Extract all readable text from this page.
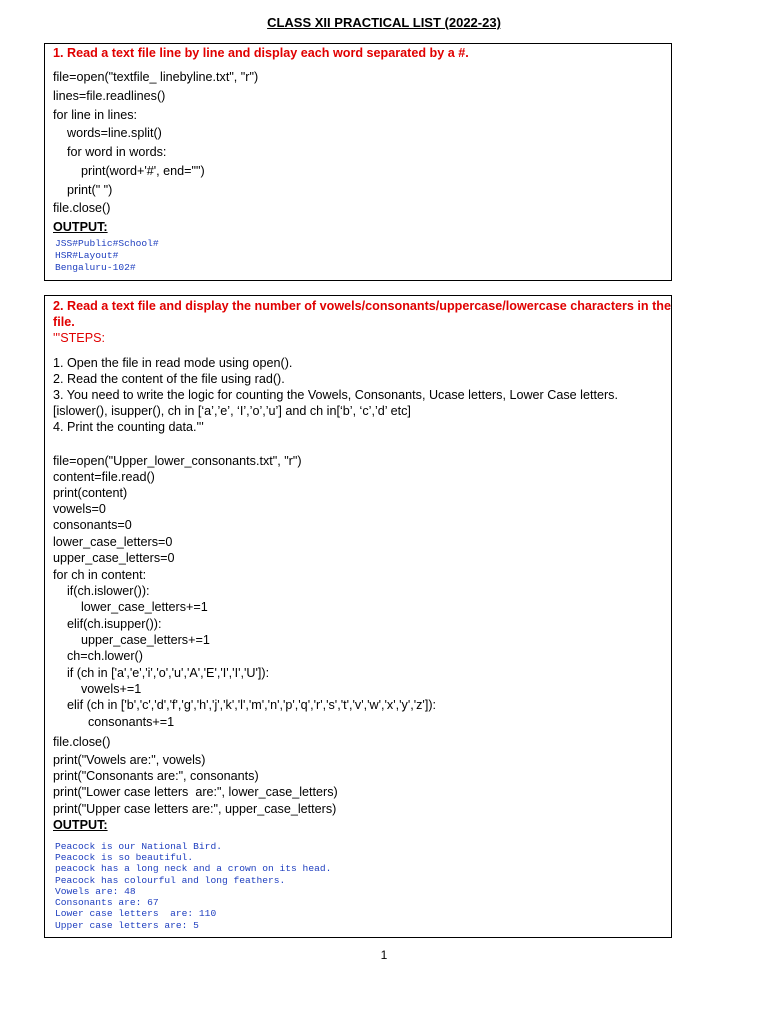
CLASS XII PRACTICAL LIST (2022-23)
1. Read a text file line by line and display each word separated by a #.
file=open("textfile_ linebyline.txt", "r")
lines=file.readlines()
for line in lines:
words=line.split()
for word in words:
print(word+'#', end="")
print(" ")
file.close()
OUTPUT:
JSS#Public#School#
HSR#Layout#
Bengaluru-102#
2. Read a text file and display the number of vowels/consonants/uppercase/lowercase characters in the
file.
'''STEPS:
1. Open the file in read mode using open().
2. Read the content of the file using rad().
3. You need to write the logic for counting the Vowels, Consonants, Ucase letters, Lower Case letters.
[islower(), isupper(), ch in [‘a’,’e’, ‘I’,’o’,’u’] and ch in[‘b’, ‘c’,’d’ etc]
4. Print the counting data.'''
file=open("Upper_lower_consonants.txt", "r")
content=file.read()
print(content)
vowels=0
consonants=0
lower_case_letters=0
upper_case_letters=0
for ch in content:
if(ch.islower()):
lower_case_letters+=1
elif(ch.isupper()):
upper_case_letters+=1
ch=ch.lower()
if (ch in ['a','e','i','o','u','A','E','I','I','U']):
vowels+=1
elif (ch in ['b','c','d','f','g','h','j','k','l','m','n','p','q','r','s','t','v','w','x','y','z']):
consonants+=1
file.close()
print("Vowels are:", vowels)
print("Consonants are:", consonants)
print("Lower case letters  are:", lower_case_letters)
print("Upper case letters are:", upper_case_letters)
OUTPUT:
Peacock is our National Bird.
Peacock is so beautiful.
peacock has a long neck and a crown on its head.
Peacock has colourful and long feathers.
Vowels are: 48
Consonants are: 67
Lower case letters  are: 110
Upper case letters are: 5
1
